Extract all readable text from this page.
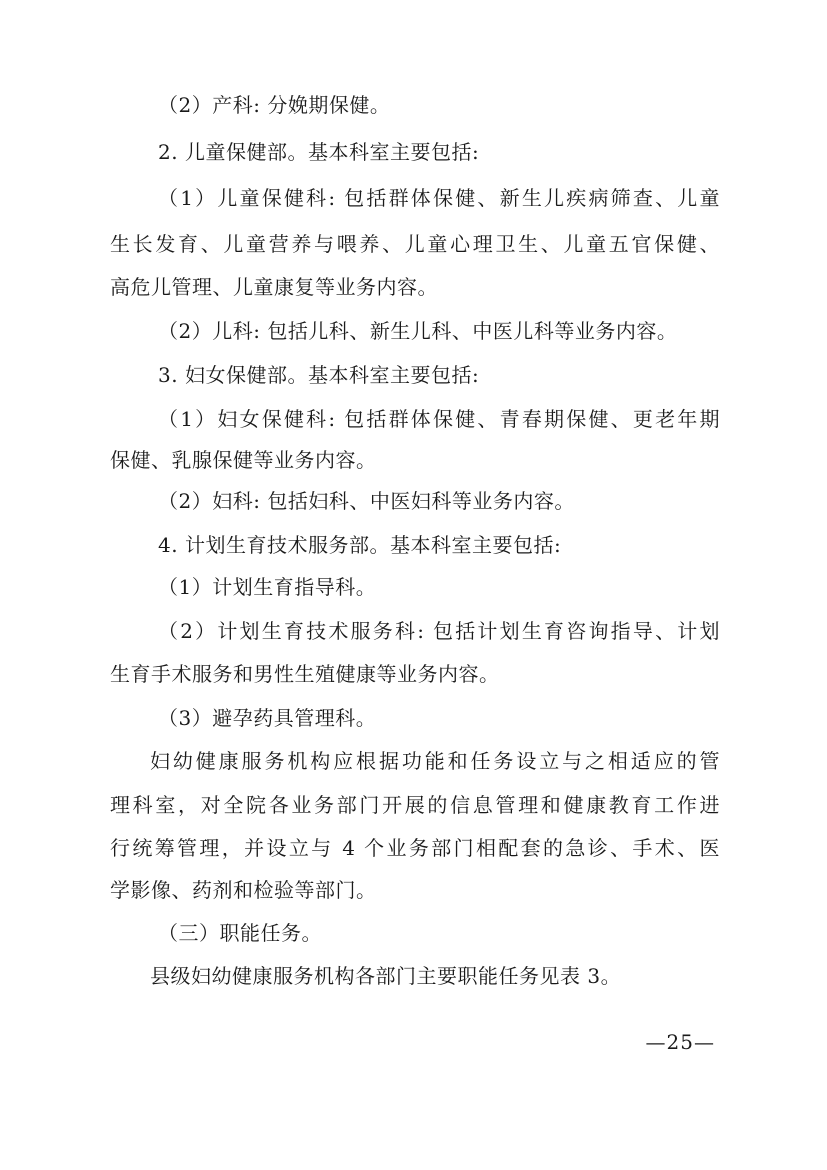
（2）产科: 分娩期保健。
2. 儿童保健部。基本科室主要包括:
（1）儿童保健科: 包括群体保健、新生儿疾病筛查、儿童
生长发育、儿童营养与喂养、儿童心理卫生、儿童五官保健、
高危儿管理、儿童康复等业务内容。
（2）儿科: 包括儿科、新生儿科、中医儿科等业务内容。
3. 妇女保健部。基本科室主要包括:
（1）妇女保健科: 包括群体保健、青春期保健、更老年期
保健、乳腺保健等业务内容。
（2）妇科: 包括妇科、中医妇科等业务内容。
4. 计划生育技术服务部。基本科室主要包括:
（1）计划生育指导科。
（2）计划生育技术服务科: 包括计划生育咨询指导、计划
生育手术服务和男性生殖健康等业务内容。
（3）避孕药具管理科。
妇幼健康服务机构应根据功能和任务设立与之相适应的管
理科室，对全院各业务部门开展的信息管理和健康教育工作进
行统筹管理，并设立与 4 个业务部门相配套的急诊、手术、医
学影像、药剂和检验等部门。
（三）职能任务。
县级妇幼健康服务机构各部门主要职能任务见表 3。
—25—
